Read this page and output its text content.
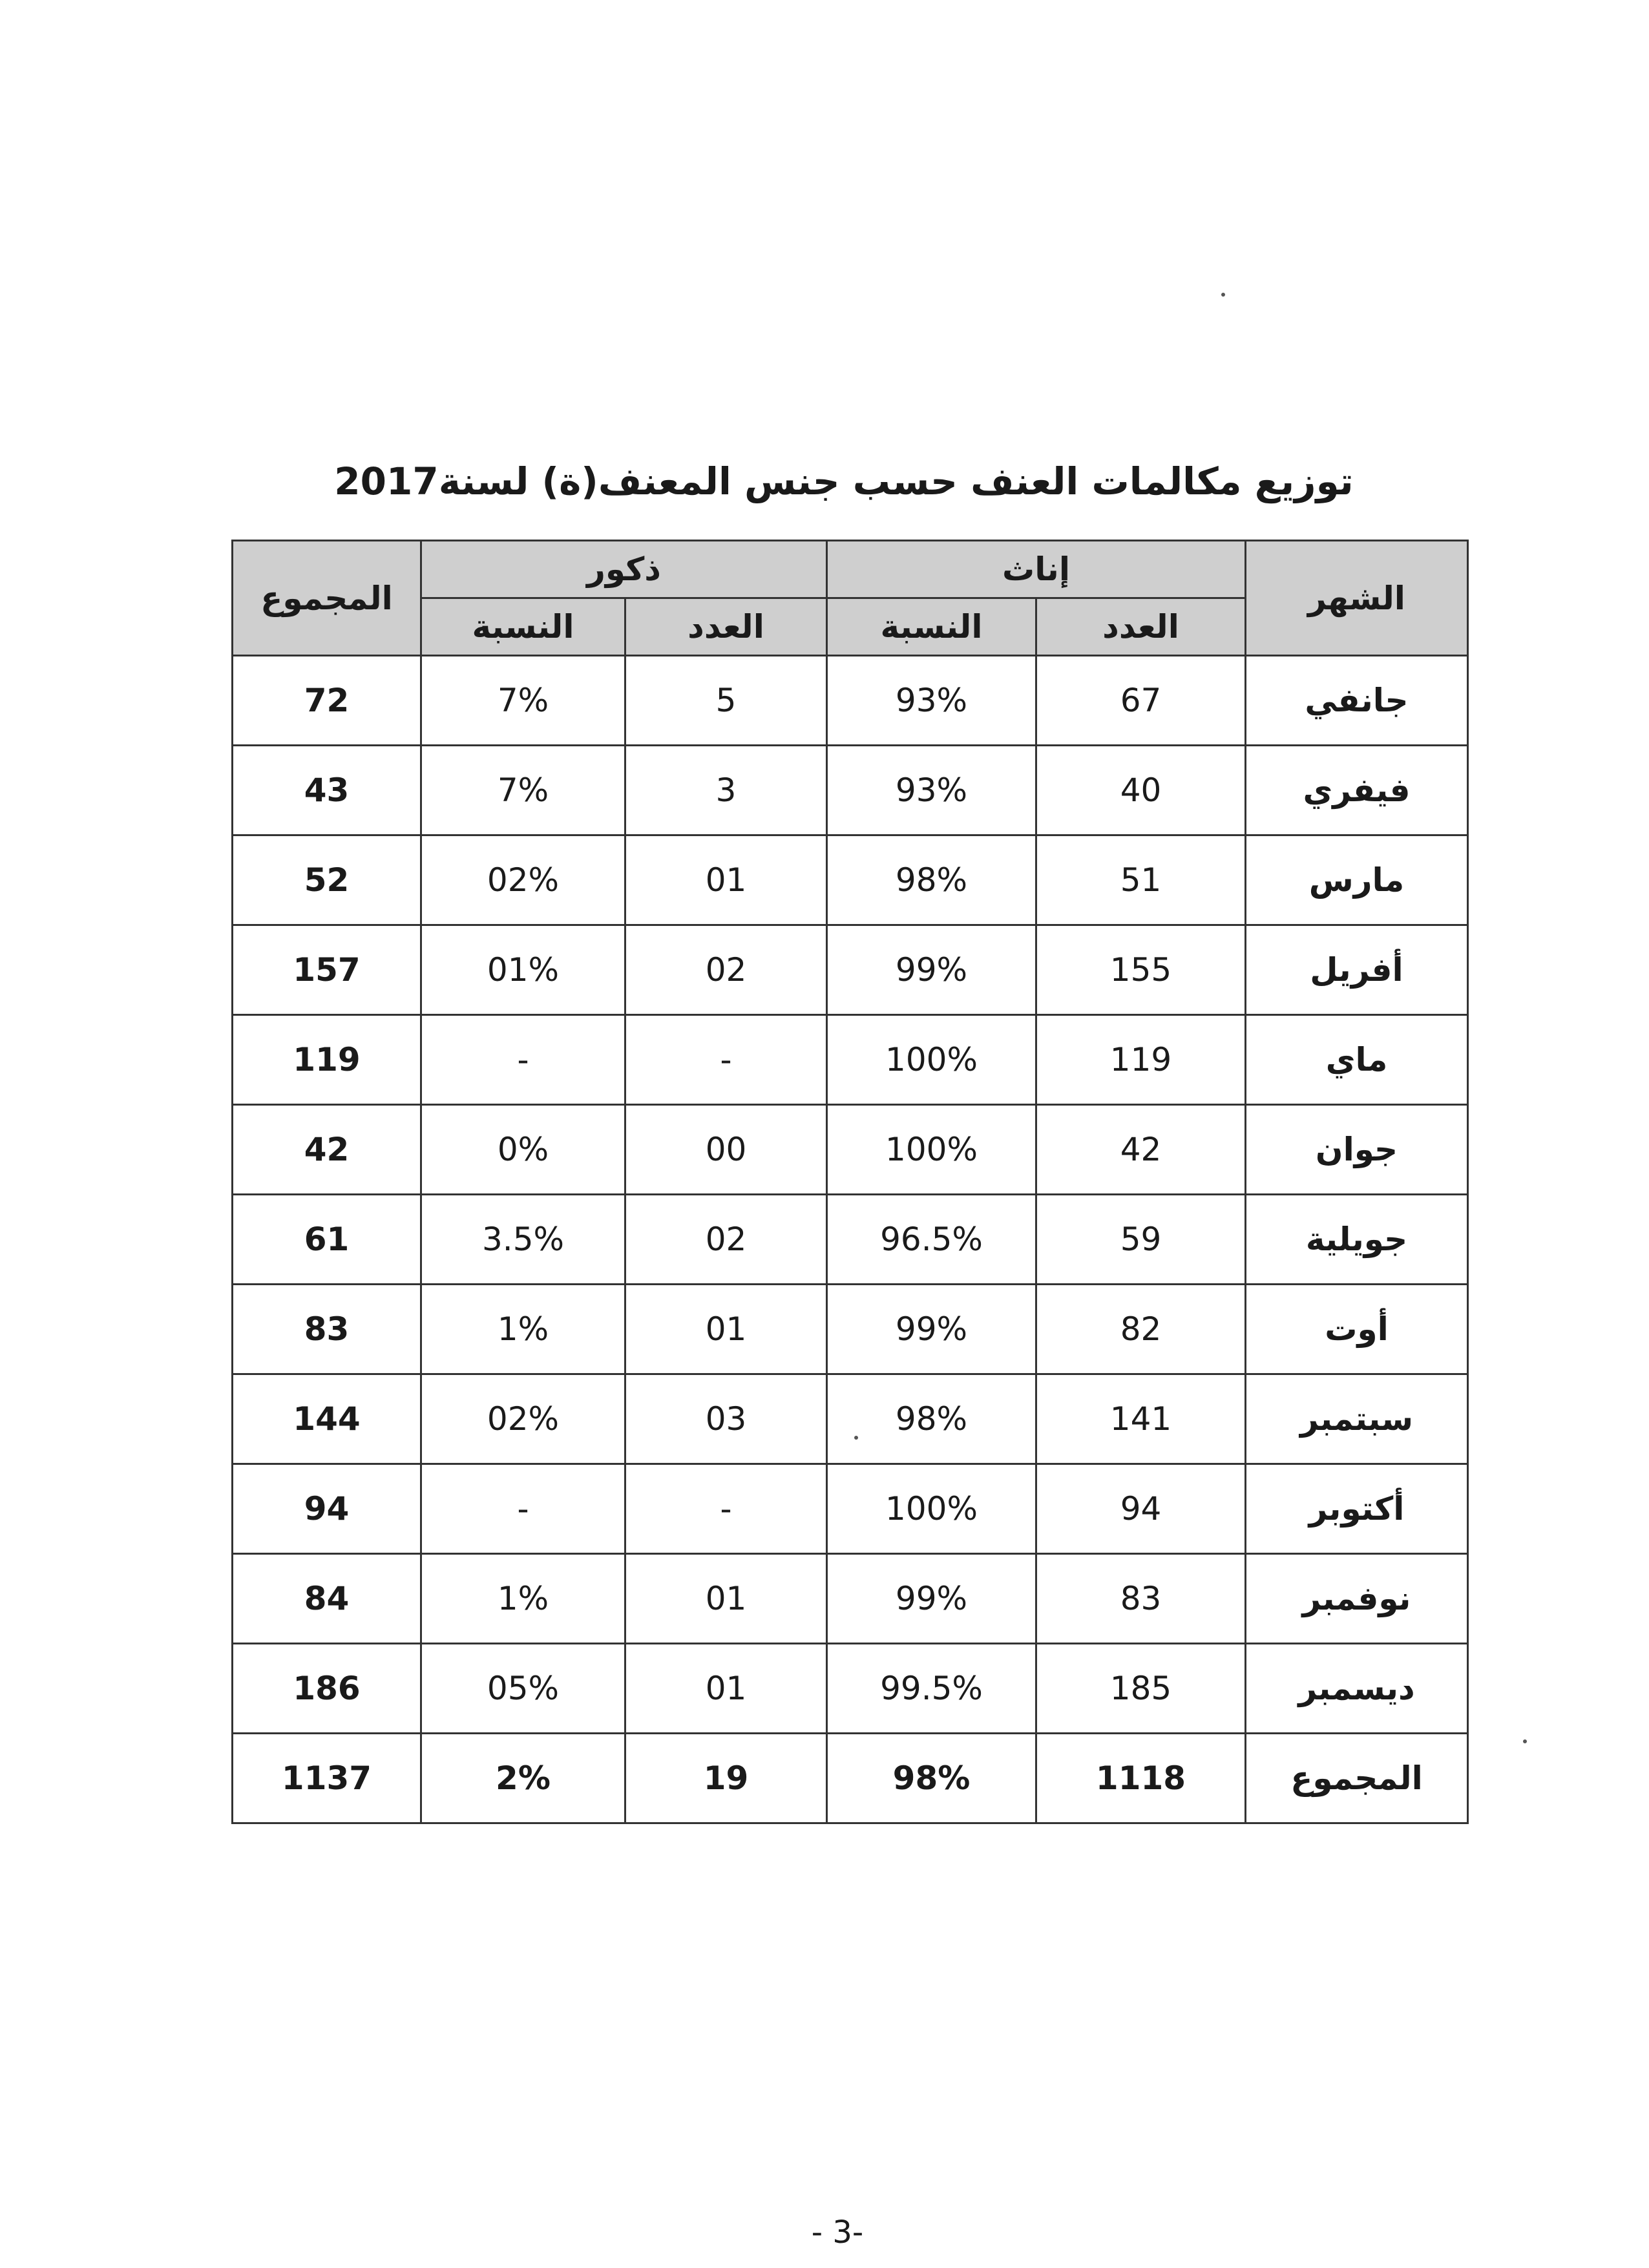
توزيع مكالمات العنف حسب جنس المعنف(ة) لسنة2017
الشهر	إناث		ذكور		المجموع
	العدد	النسبة	العدد	النسبة	
جانفي	67	93%	5	7%	72
فيفري	40	93%	3	7%	43
مارس	51	98%	01	02%	52
أفريل	155	99%	02	01%	157
ماي	119	100%	-	-	119
جوان	42	100%	00	0%	42
جويلية	59	96.5%	02	3.5%	61
أوت	82	99%	01	1%	83
سبتمبر	141	98%	03	02%	144
أكتوبر	94	100%	-	-	94
نوفمبر	83	99%	01	1%	84
ديسمبر	185	99.5%	01	05%	186
المجموع	1118	98%	19	2%	1137
- 3-
